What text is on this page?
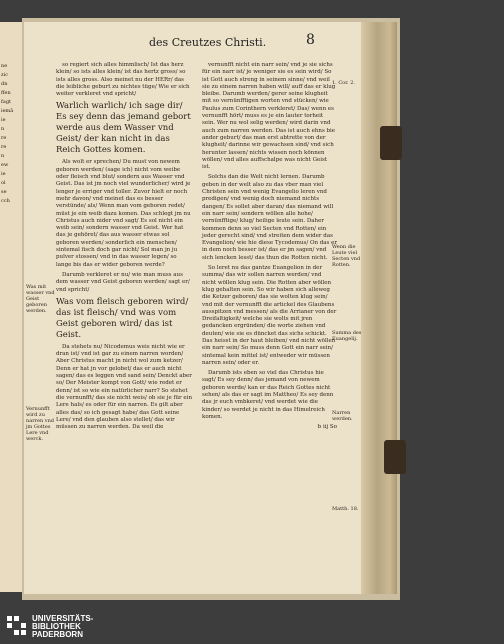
ne
zic
dn
ffen
fagt
iemā
ie
n
re
re
n
ew
ie
ol
se
cch
des Creutzes Christi.	8

so regiert sich alles himmlisch/ Ist das herz klein/ so ists alles klein/ ist das hertz gross/ so ists alles gross. Also meinet nu der HERr/ das die leibliche geburt zu nichtes tüge/ Wie er sich weiter verkleret vnd spricht/

Warlich warlich/ ich sage dir/ Es sey denn das jemand gebort werde aus dem Wasser vnd Geist/ der kan nicht in das Reich Gottes komen.

Als wolt er sprechen/ Du must von newem geboren werden/ (sage ich) nicht vom weibe oder fleisch vnd blut/ sondern aus Wasser vnd Geist. Das ist jm noch viel wunderlicher/ wird je lenger je erriger vnd toller. Zuvor hielt er noch mehr davon/ vnd meinet das es besser verstünde/ als/ Wenn man vom geboren redet/ müst je ein weib dazu komen. Das schlegt jm nu Christus auch nider vnd sagt/ Es sol nicht ein weib sein/ sondern wasser vnd Geist. Wer hat das je gehöret/ das aus wasser etwas sol geboren werden/ sonderlich ein menschen/ sintemal fisch doch gar nicht/ Sol man jn ju pulver stossen/ vnd in das wasser legen/ so lange bis das er wider geboren werde?

Darumb verkleret er nu/ wie man muss aus dem wasser vnd Geist geboren werden/ sagt er/ vnd spricht/

Was vom fleisch geboren wird/ das ist fleisch/ vnd was vom Geist geboren wird/ das ist Geist.

Da stehets nu/ Nicodemus weis nicht wie er dran ist/ vnd ist gar zu einem narren worden/ Aber Christus macht jn nicht wol zum ketzer/ Denn er hat jn vor gelobet/ das er auch nicht sagen/ das es leggen vnd sand sein/ Denckt aber so/ Der Meister kompt von Gott/ wie redet er denn/ ist so wie ein natürlicher narr? So stehet die vernunfft/ das sie nicht weis/ ob sie je für ein Lere hals/ es oder für ein narren. Es gilt aber alles das/ so ich gesagt habe/ das Gott seine Lere/ vnd den glauben also stellet/ das wir müssen zu narren werden. Da weil die

vernunfft nicht ein narr sein/ vnd je sie sichs für ein narr ist/ je weniger sie es sein wird/ So ist Gott auch streng in seinem sinne/ vnd weil sie zu einem narren haben will/ auff das er klug bleibe. Darumb werden/ gerer seine klugheit mit so vernünfftigen worten vnd stücken/ wie Paulus zum Corinthern verkleret/ Das/ wenn es vernunfft hört/ muss es je ein lauter torheit sein. Wer nu wol selig werden/ wird darin vnd auch zum narren werden. Das ist auch ehns bie ander geburt/ das man erst abtrette von der klugheit/ darinne wir gewachsen sind/ vnd sich herunter lassen/ nichts wissen noch können wöllen/ vnd alles auffschalpe was nicht Geist ist.

Solchs dan die Welt nicht lernen. Darumb geben in der welt also zu das vber man viel Christen sein vnd wenig Evangelio leren vnd predigen/ vnd wenig doch niemand nichts dangen/ Es sollet aber daran/ das niemand will ein narr sein/ sondern wöllen alle hohe/ vernünfftige/ klug/ heilige leute sein. Daher kommen denn so viel Secten vnd Rotten/ ein jeder gerecht sind/ vnd streiten dem wider das Evangelion/ wie hie diese Tycodemus/ On das er in dem noch besser ist/ das er jm sagen/ vnd sich lencken lesst/ das thun die Rotten nicht.

So leret nu das gantze Euangelion in der summa/ das wir sollen narren werden/ vnd nicht wöllen klug sein. Die Rotten aber wöllen klug gehalten sein. So wir haben sich alleweg die Ketzer geboren/ das sie wolten klug sein/ vnd mit der vernunfft die artickel des Glaubens ausspitzen vnd messen/ als die Arrianer von der Dreifaltigkeit/ welche sie wolts mit jren gedancken ergründen/ die worte ziehen vnd deuten/ wie sie es düncket das sichs schickt. Das heisst in der haut bleiben/ vnd nicht wöllen ein narr sein/ So muss denn Gott ein narr sein/ sintemal kein mittel ist/ entweder wir müssen narren sein/ oder er.

Darumb ists eben so viel das Christus hie sagt/ Es sey denn/ das jemand von newem geboren werde/ kan er das Reich Gottes nicht sehen/ als das er sagt im Mattheo/ Es sey denn das jr euch vmbkeret/ vnd werdet wie die kinder/ so werdet je nicht in das Himelreich komen.

b iij So

Was mit wasser vnd Geist geboren werden.
Vernunfft wird zu narren vnd jm Gottes Lere vnd werck.
1. Cor. 2.
Wenn die Leute viel Secten vnd Rotten.
Summa des Euangelij.
Narren werden.
Matth. 18.
UNIVERSITÄTS-
BIBLIOTHEK
PADERBORN
